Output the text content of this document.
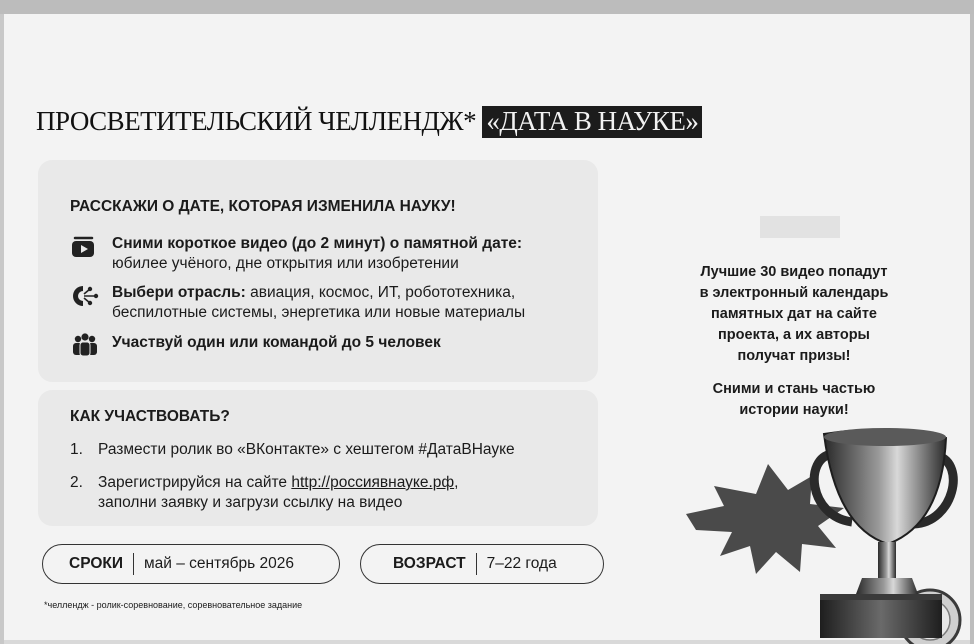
ПРОСВЕТИТЕЛЬСКИЙ ЧЕЛЛЕНДЖ* «ДАТА В НАУКЕ»
РАССКАЖИ О ДАТЕ, КОТОРАЯ ИЗМЕНИЛА НАУКУ!
Сними короткое видео (до 2 минут) о памятной дате:
юбилее учёного, дне открытия или изобретении
Выбери отрасль: авиация, космос, ИТ, робототехника,
беспилотные системы, энергетика или новые материалы
Участвуй один или командой до 5 человек
КАК УЧАСТВОВАТЬ?
1. Размести ролик во «ВКонтакте» с хештегом #ДатаВНауке
2. Зарегистрируйся на сайте http://россиявнауке.рф,
заполни заявку и загрузи ссылку на видео
СРОКИ май – сентябрь 2026	ВОЗРАСТ 7–22 года
*челлендж - ролик-соревнование, соревновательное задание

Лучшие 30 видео попадут

в электронный календарь

памятных дат на сайте

проекта, а их авторы

получат призы!

Сними и стань частью

истории науки!
